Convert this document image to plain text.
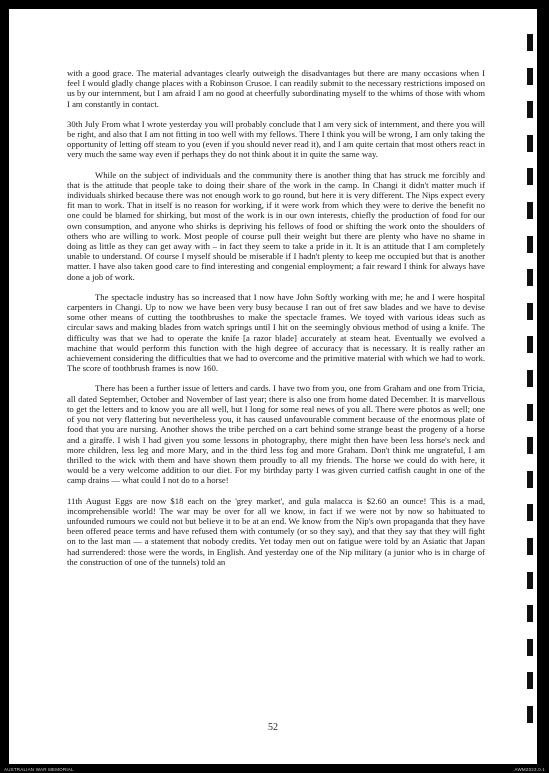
with a good grace. The material advantages clearly outweigh the disadvantages but there are many occasions when I feel I would gladly change places with a Robinson Crusoe. I can readily submit to the necessary restrictions imposed on us by our internment, but I am afraid I am no good at cheerfully subordinating myself to the whims of those with whom I am constantly in contact.

30th July From what I wrote yesterday you will probably conclude that I am very sick of internment, and there you will be right, and also that I am not fitting in too well with my fellows. There I think you will be wrong, I am only taking the opportunity of letting off steam to you (even if you should never read it), and I am quite certain that most others react in very much the same way even if perhaps they do not think about it in quite the same way.

While on the subject of individuals and the community there is another thing that has struck me forcibly and that is the attitude that people take to doing their share of the work in the camp. In Changi it didn't matter much if individuals shirked because there was not enough work to go round, but here it is very different. The Nips expect every fit man to work. That in itself is no reason for working, if it were work from which they were to derive the benefit no one could be blamed for shirking, but most of the work is in our own interests, chiefly the production of food for our own consumption, and anyone who shirks is depriving his fellows of food or shifting the work onto the shoulders of others who are willing to work. Most people of course pull their weight but there are plenty who have no shame in doing as little as they can get away with – in fact they seem to take a pride in it. It is an attitude that I am completely unable to understand. Of course I myself should be miserable if I hadn't plenty to keep me occupied but that is another matter. I have also taken good care to find interesting and congenial employment; a fair reward I think for always have done a job of work.

The spectacle industry has so increased that I now have John Softly working with me; he and I were hospital carpenters in Changi. Up to now we have been very busy because I ran out of fret saw blades and we have to devise some other means of cutting the toothbrushes to make the spectacle frames. We toyed with various ideas such as circular saws and making blades from watch springs until I hit on the seemingly obvious method of using a knife. The difficulty was that we had to operate the knife [a razor blade] accurately at steam heat. Eventually we evolved a machine that would perform this function with the high degree of accuracy that is necessary. It is really rather an achievement considering the difficulties that we had to overcome and the primitive material with which we had to work. The score of toothbrush frames is now 160.

There has been a further issue of letters and cards. I have two from you, one from Graham and one from Tricia, all dated September, October and November of last year; there is also one from home dated December. It is marvellous to get the letters and to know you are all well, but I long for some real news of you all. There were photos as well; one of you not very flattering but nevertheless you, it has caused unfavourable comment because of the enormous plate of food that you are nursing. Another shows the tribe perched on a cart behind some strange beast the progeny of a horse and a giraffe. I wish I had given you some lessons in photography, there might then have been less horse's neck and more children, less leg and more Mary, and in the third less fog and more Graham. Don't think me ungrateful, I am thrilled to the wick with them and have shown them proudly to all my friends. The horse we could do with here, it would be a very welcome addition to our diet. For my birthday party I was given curried catfish caught in one of the camp drains — what could I not do to a horse!

11th August Eggs are now $18 each on the 'grey market', and gula malacca is $2.60 an ounce! This is a mad, incomprehensible world! The war may be over for all we know, in fact if we were not by now so habituated to unfounded rumours we could not but believe it to be at an end. We know from the Nip's own propaganda that they have been offered peace terms and have refused them with contumely (or so they say), and that they say that they will fight on to the last man — a statement that nobody credits. Yet today men out on fatigue were told by an Asiatic that Japan had surrendered: those were the words, in English. And yesterday one of the Nip military (a junior who is in charge of the construction of one of the tunnels) told an

52
AUSTRALIAN WAR MEMORIAL	AWM2023.0.1
